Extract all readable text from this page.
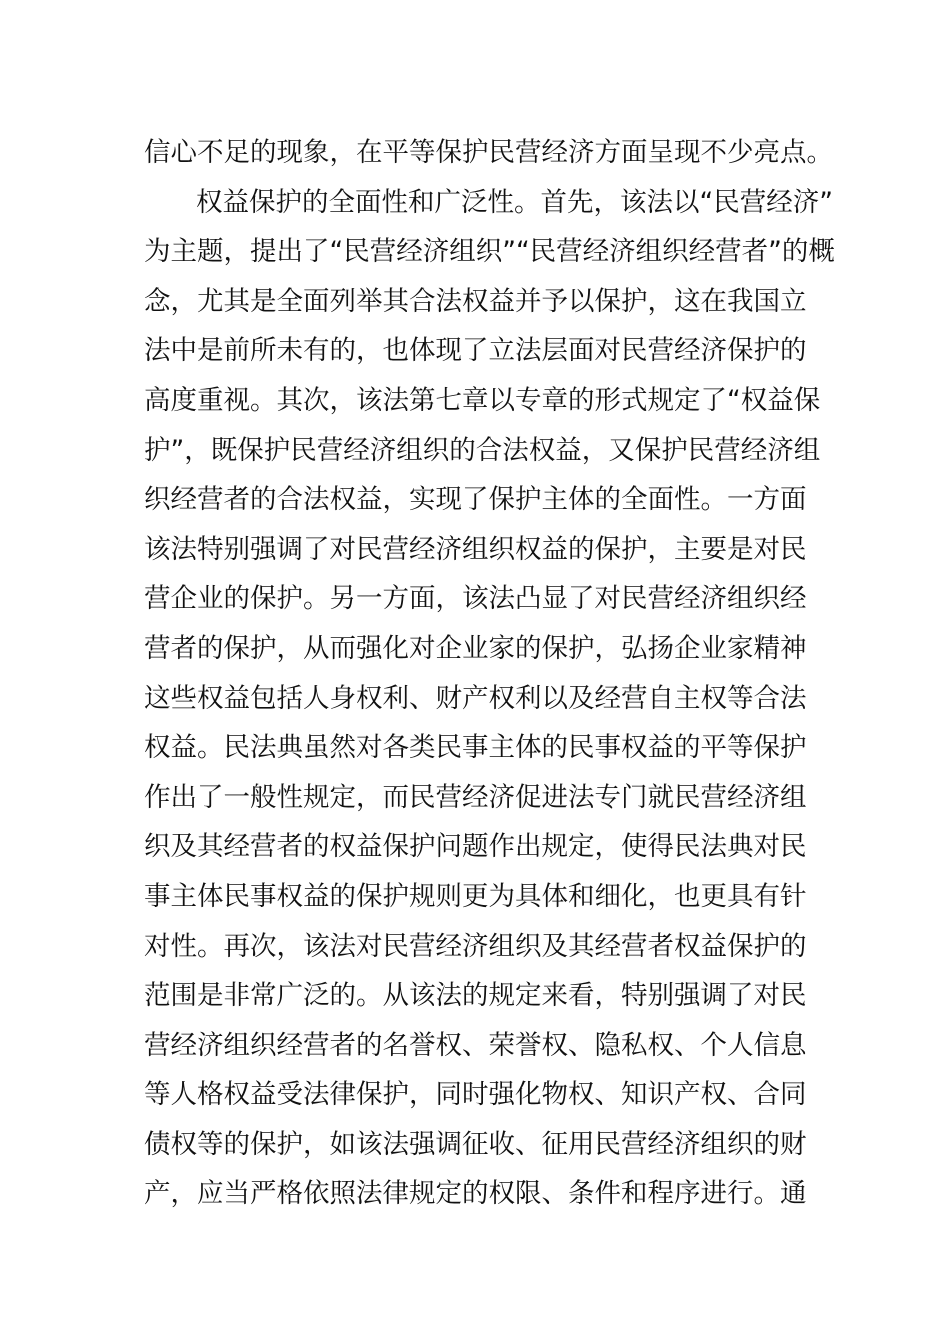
信心不足的现象，在平等保护民营经济方面呈现不少亮点。
权益保护的全面性和广泛性。首先，该法以“民营经济”
为主题，提出了“民营经济组织”“民营经济组织经营者”的概
念，尤其是全面列举其合法权益并予以保护，这在我国立
法中是前所未有的，也体现了立法层面对民营经济保护的
高度重视。其次，该法第七章以专章的形式规定了“权益保
护”，既保护民营经济组织的合法权益，又保护民营经济组
织经营者的合法权益，实现了保护主体的全面性。一方面
该法特别强调了对民营经济组织权益的保护，主要是对民
营企业的保护。另一方面，该法凸显了对民营经济组织经
营者的保护，从而强化对企业家的保护，弘扬企业家精神
这些权益包括人身权利、财产权利以及经营自主权等合法
权益。民法典虽然对各类民事主体的民事权益的平等保护
作出了一般性规定，而民营经济促进法专门就民营经济组
织及其经营者的权益保护问题作出规定，使得民法典对民
事主体民事权益的保护规则更为具体和细化，也更具有针
对性。再次，该法对民营经济组织及其经营者权益保护的
范围是非常广泛的。从该法的规定来看，特别强调了对民
营经济组织经营者的名誉权、荣誉权、隐私权、个人信息
等人格权益受法律保护，同时强化物权、知识产权、合同
债权等的保护，如该法强调征收、征用民营经济组织的财
产，应当严格依照法律规定的权限、条件和程序进行。通
